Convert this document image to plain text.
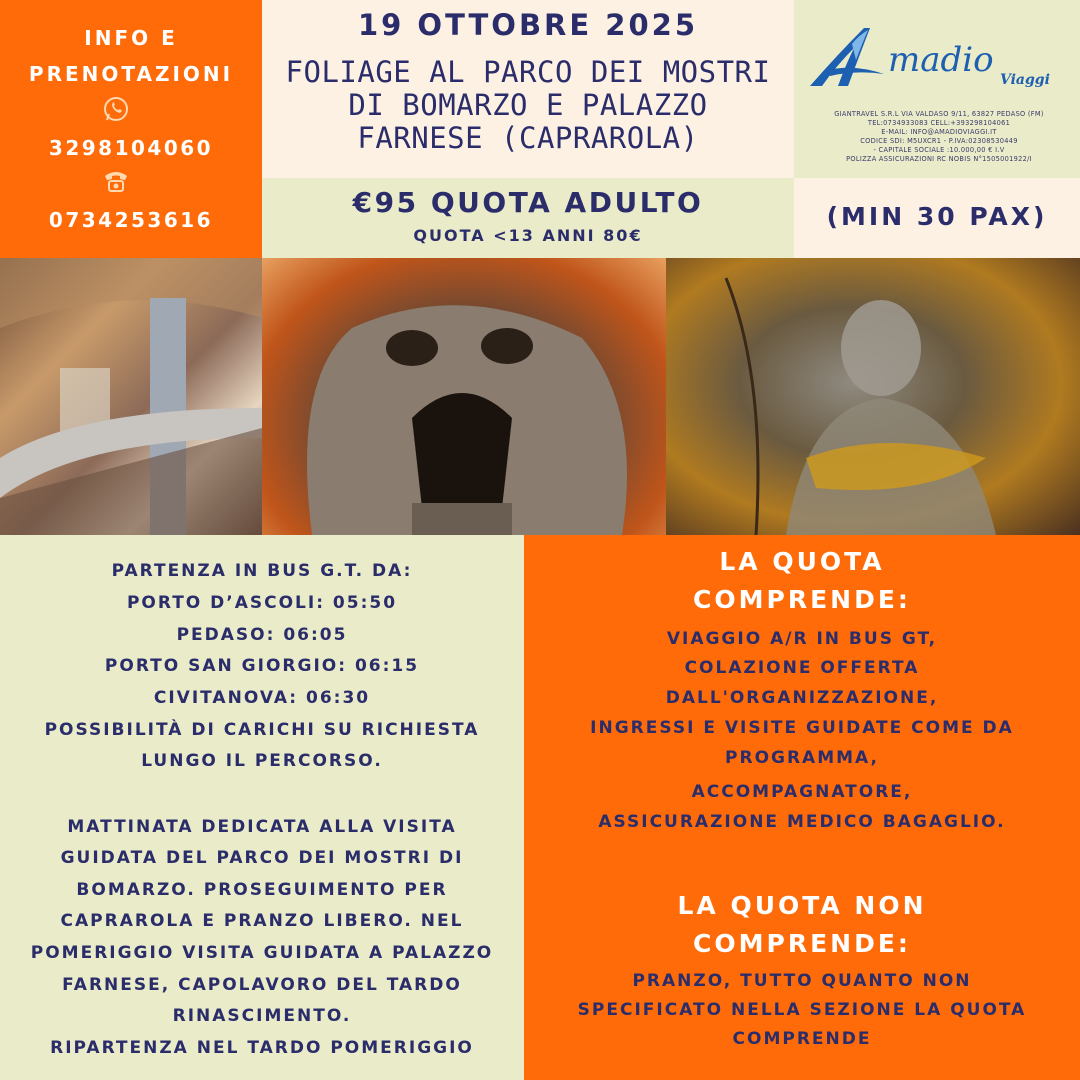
INFO E
PRENOTAZIONI
3298104060
0734253616
19 OTTOBRE 2025
FOLIAGE AL PARCO DEI MOSTRI
DI BOMARZO E PALAZZO
FARNESE (CAPRAROLA)
madio Viaggi
GIANTRAVEL S.R.L VIA VALDASO 9/11, 63827 PEDASO (FM)
TEL:0734933083 CELL:+393298104061
E-MAIL: INFO@AMADIOVIAGGI.IT
CODICE SDI: M5UXCR1 - P.IVA:02308530449
- CAPITALE SOCIALE :10.000,00 € I.V
POLIZZA ASSICURAZIONI RC NOBIS N°1505001922/I
€95 QUOTA ADULTO
QUOTA <13 ANNI 80€
(MIN 30 PAX)
PARTENZA IN BUS G.T. DA:
PORTO D’ASCOLI: 05:50
PEDASO: 06:05
PORTO SAN GIORGIO: 06:15
CIVITANOVA: 06:30
POSSIBILITÀ DI CARICHI SU RICHIESTA
LUNGO IL PERCORSO.
MATTINATA DEDICATA ALLA VISITA
GUIDATA DEL PARCO DEI MOSTRI DI
BOMARZO. PROSEGUIMENTO PER
CAPRAROLA E PRANZO LIBERO. NEL
POMERIGGIO VISITA GUIDATA A PALAZZO
FARNESE, CAPOLAVORO DEL TARDO
RINASCIMENTO.
RIPARTENZA NEL TARDO POMERIGGIO
LA QUOTA
COMPRENDE:
VIAGGIO A/R IN BUS GT,
COLAZIONE OFFERTA
DALL'ORGANIZZAZIONE,
INGRESSI E VISITE GUIDATE COME DA
PROGRAMMA,
ACCOMPAGNATORE,
ASSICURAZIONE MEDICO BAGAGLIO.
LA QUOTA NON
COMPRENDE:
PRANZO, TUTTO QUANTO NON
SPECIFICATO NELLA SEZIONE LA QUOTA
COMPRENDE
